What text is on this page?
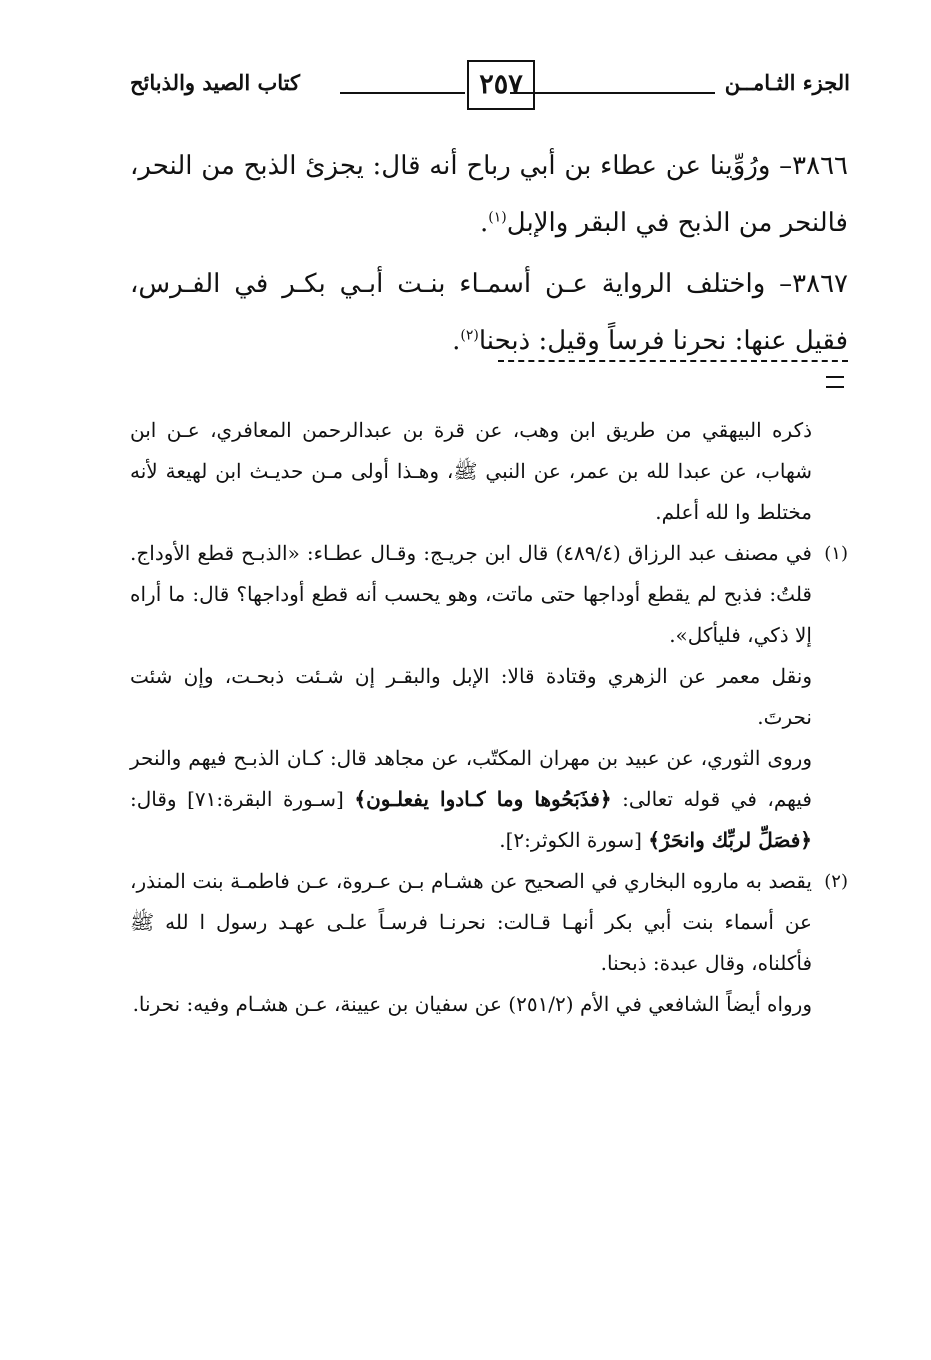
الجزء الثـامــن
٢٥٧
كتاب الصيد والذبائح

٣٨٦٦– ورُوِّينا عن عطاء بن أبي رباح أنه قال: يجزئ الذبح من النحر، فالنحر من الذبح في البقر والإبل$^{(١)}$.

٣٨٦٧– واختلف الرواية عـن أسمـاء بنـت أبـي بكـر في الفـرس، فقيل عنها: نحرنا فرساً وقيل: ذبحنا$^{(٢)}$.

ذكره البيهقي من طريق ابن وهب، عن قرة بن عبدالرحمن المعافري، عـن ابن شهاب، عن عبدا لله بن عمر، عن النبي ﷺ، وهـذا أولى مـن حديـث ابن لهيعة لأنه مختلط وا لله أعلم.

(١)

في مصنف عبد الرزاق (٤٨٩/٤) قال ابن جريـج: وقـال عطـاء: «الذبـح قطع الأوداج. قلتُ: فذبح لم يقطع أوداجها حتى ماتت، وهو يحسب أنه قطع أوداجها؟ قال: ما أراه إلا ذكي، فليأكل».

ونقل معمر عن الزهري وقتادة قالا: الإبل والبقـر إن شـئت ذبحـت، وإن شئت نحرتَ.

وروى الثوري، عن عبيد بن مهران المكتّب، عن مجاهد قال: كـان الذبـح فيهم والنحر فيهم، في قوله تعالى: ﴿فذَبَحُوها وما كـادوا يفعلـون﴾ [سـورة البقرة:٧١] وقال: ﴿فصَلِّ لربِّك وانحَرْ﴾ [سورة الكوثر:٢].

(٢)

يقصد به ماروه البخاري في الصحيح عن هشـام بـن عـروة، عـن فاطمـة بنت المنذر، عن أسماء بنت أبي بكر أنهـا قـالت: نحرنـا فرسـاً علـى عهـد رسول ا لله ﷺ فأكلناه، وقال عبدة: ذبحنا.

ورواه أيضاً الشافعي في الأم (٢٥١/٢) عن سفيان بن عيينة، عـن هشـام وفيه: نحرنا.
